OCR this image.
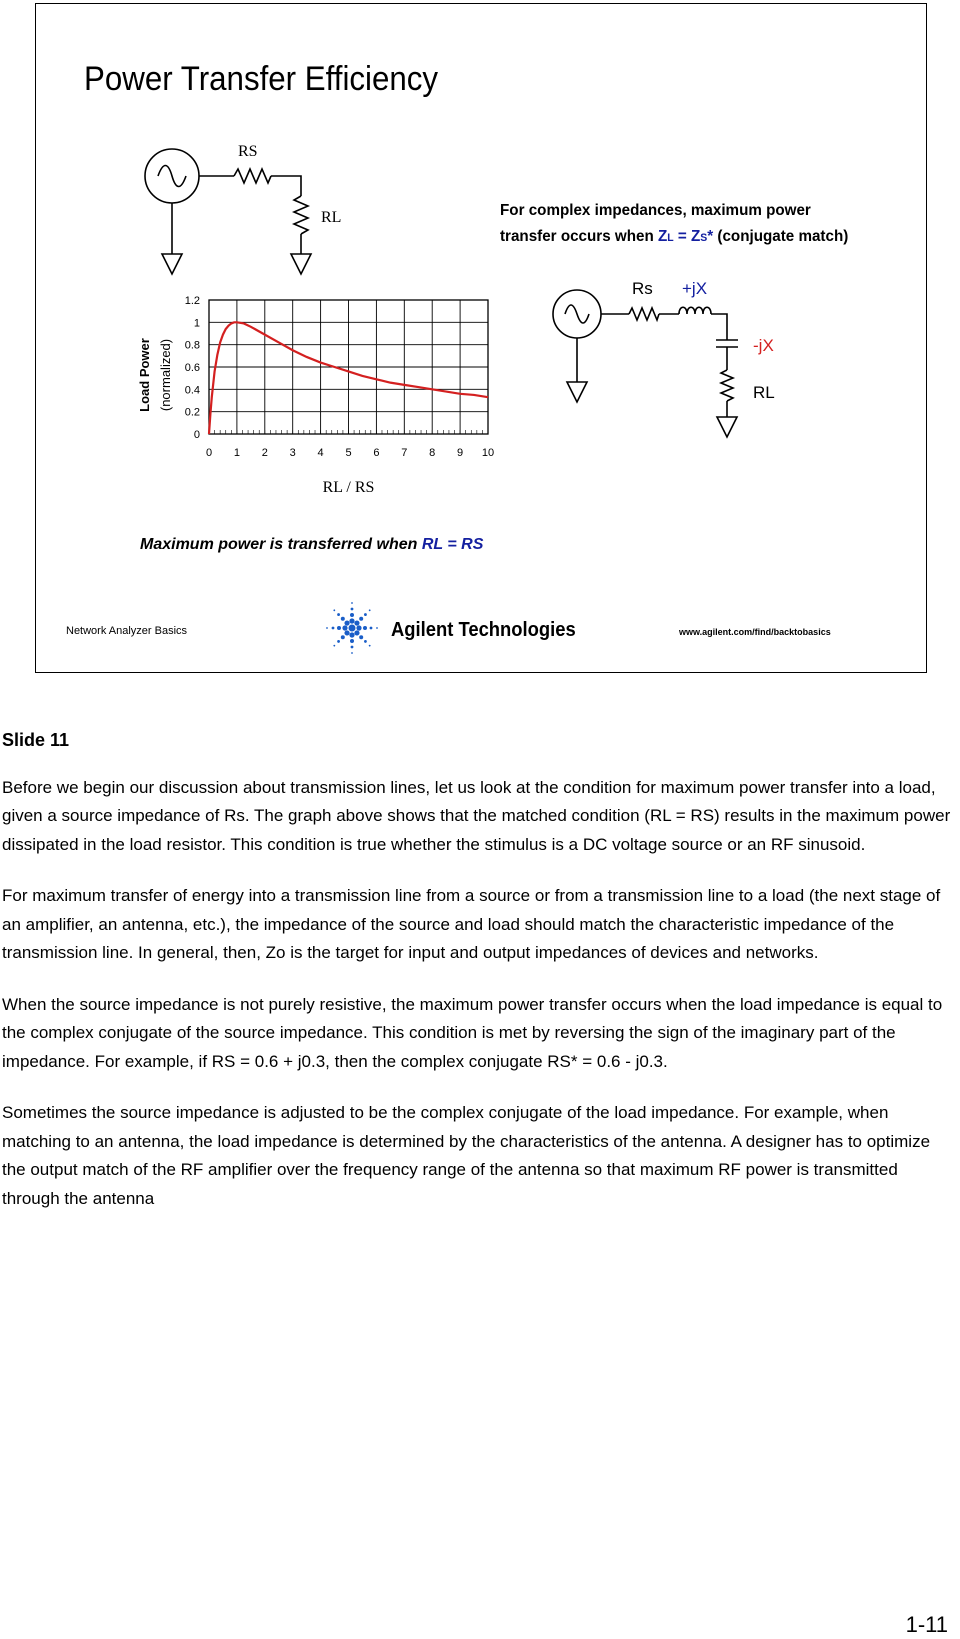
Power Transfer Efficiency
RS
RL	For complex impedances, maximum power
transfer occurs when ZL = ZS* (conjugate match)
Rs +jX
-jX
RL
0 1 2 3 4 5 6 7 8 9 10
0
0.2
0.4
0.6
0.8
1
1.2
Load Power (normalized)
RL / RS
Maximum power is transferred when RL = RS
Network Analyzer Basics	Agilent Technologies	www.agilent.com/find/backtobasics
Slide 11

Before we begin our discussion about transmission lines, let us look at the condition for maximum power transfer into a load, given a source impedance of Rs. The graph above shows that the matched condition (RL = RS) results in the maximum power dissipated in the load resistor. This condition is true whether the stimulus is a DC voltage source or an RF sinusoid.

For maximum transfer of energy into a transmission line from a source or from a transmission line to a load (the next stage of an amplifier, an antenna, etc.), the impedance of the source and load should match the characteristic impedance of the transmission line. In general, then, Zo is the target for input and output impedances of devices and networks.

When the source impedance is not purely resistive, the maximum power transfer occurs when the load impedance is equal to the complex conjugate of the source impedance. This condition is met by reversing the sign of the imaginary part of the impedance. For example, if RS = 0.6 + j0.3, then the complex conjugate RS* = 0.6 - j0.3.

Sometimes the source impedance is adjusted to be the complex conjugate of the load impedance. For example, when matching to an antenna, the load impedance is determined by the characteristics of the antenna. A designer has to optimize the output match of the RF amplifier over the frequency range of the antenna so that maximum RF power is transmitted through the antenna

1-11
